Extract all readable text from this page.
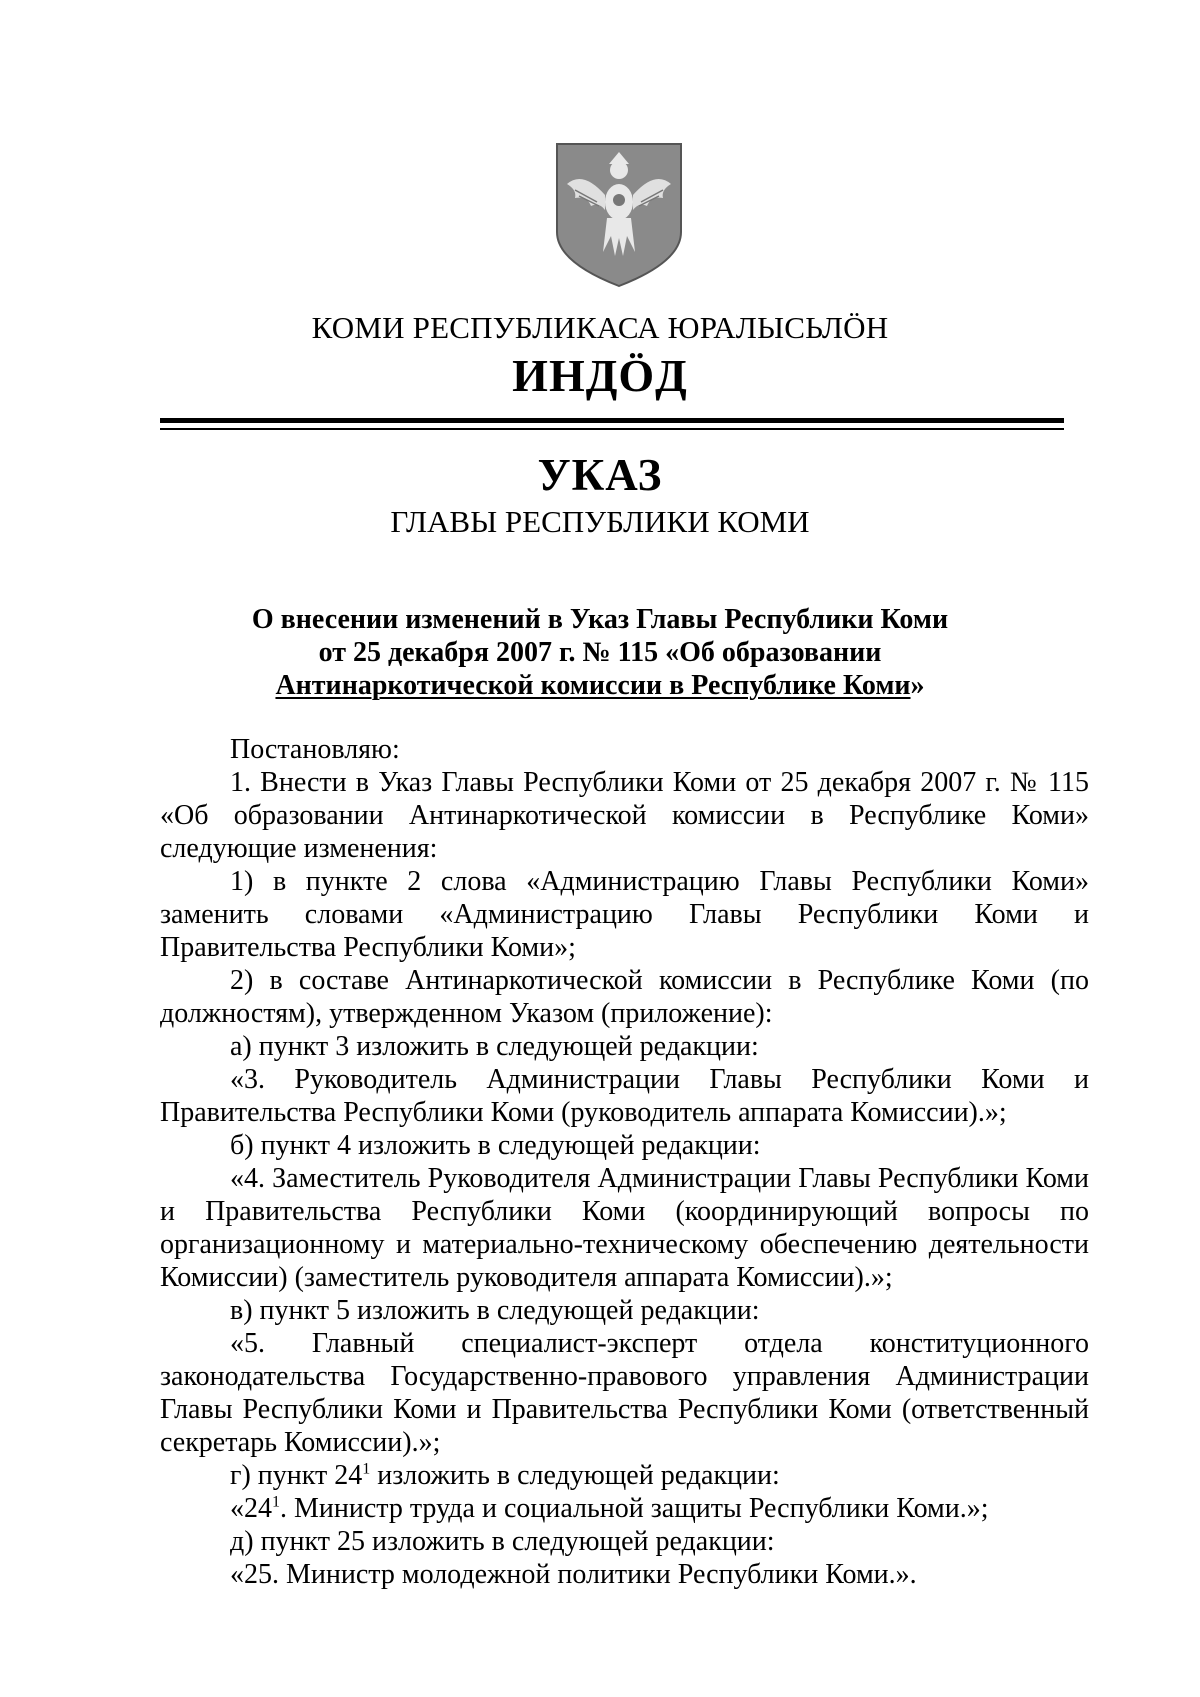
КОМИ РЕСПУБЛИКАСА ЮРАЛЫСЬЛӦН
ИНДӦД
УКАЗ
ГЛАВЫ РЕСПУБЛИКИ КОМИ
О внесении изменений в Указ Главы Республики Коми
от 25 декабря 2007 г. № 115 «Об образовании
Антинаркотической комиссии в Республике Коми»

Постановляю:

1. Внести в Указ Главы Республики Коми от 25 декабря 2007 г. № 115 «Об образовании Антинаркотической комиссии в Республике Коми» следующие изменения:

1) в пункте 2 слова «Администрацию Главы Республики Коми» заменить словами «Администрацию Главы Республики Коми и Правительства Республики Коми»;

2) в составе Антинаркотической комиссии в Республике Коми (по должностям), утвержденном Указом (приложение):

а) пункт 3 изложить в следующей редакции:

«3. Руководитель Администрации Главы Республики Коми и Правительства Республики Коми (руководитель аппарата Комиссии).»;

б) пункт 4 изложить в следующей редакции:

«4. Заместитель Руководителя Администрации Главы Республики Коми и Правительства Республики Коми (координирующий вопросы по организационному и материально-техническому обеспечению деятельности Комиссии) (заместитель руководителя аппарата Комиссии).»;

в) пункт 5 изложить в следующей редакции:

«5. Главный специалист-эксперт отдела конституционного законодательства Государственно-правового управления Администрации Главы Республики Коми и Правительства Республики Коми (ответственный секретарь Комиссии).»;

г) пункт $24^1$ изложить в следующей редакции:

«$24^1$. Министр труда и социальной защиты Республики Коми.»;

д) пункт 25 изложить в следующей редакции:

«25. Министр молодежной политики Республики Коми.».
